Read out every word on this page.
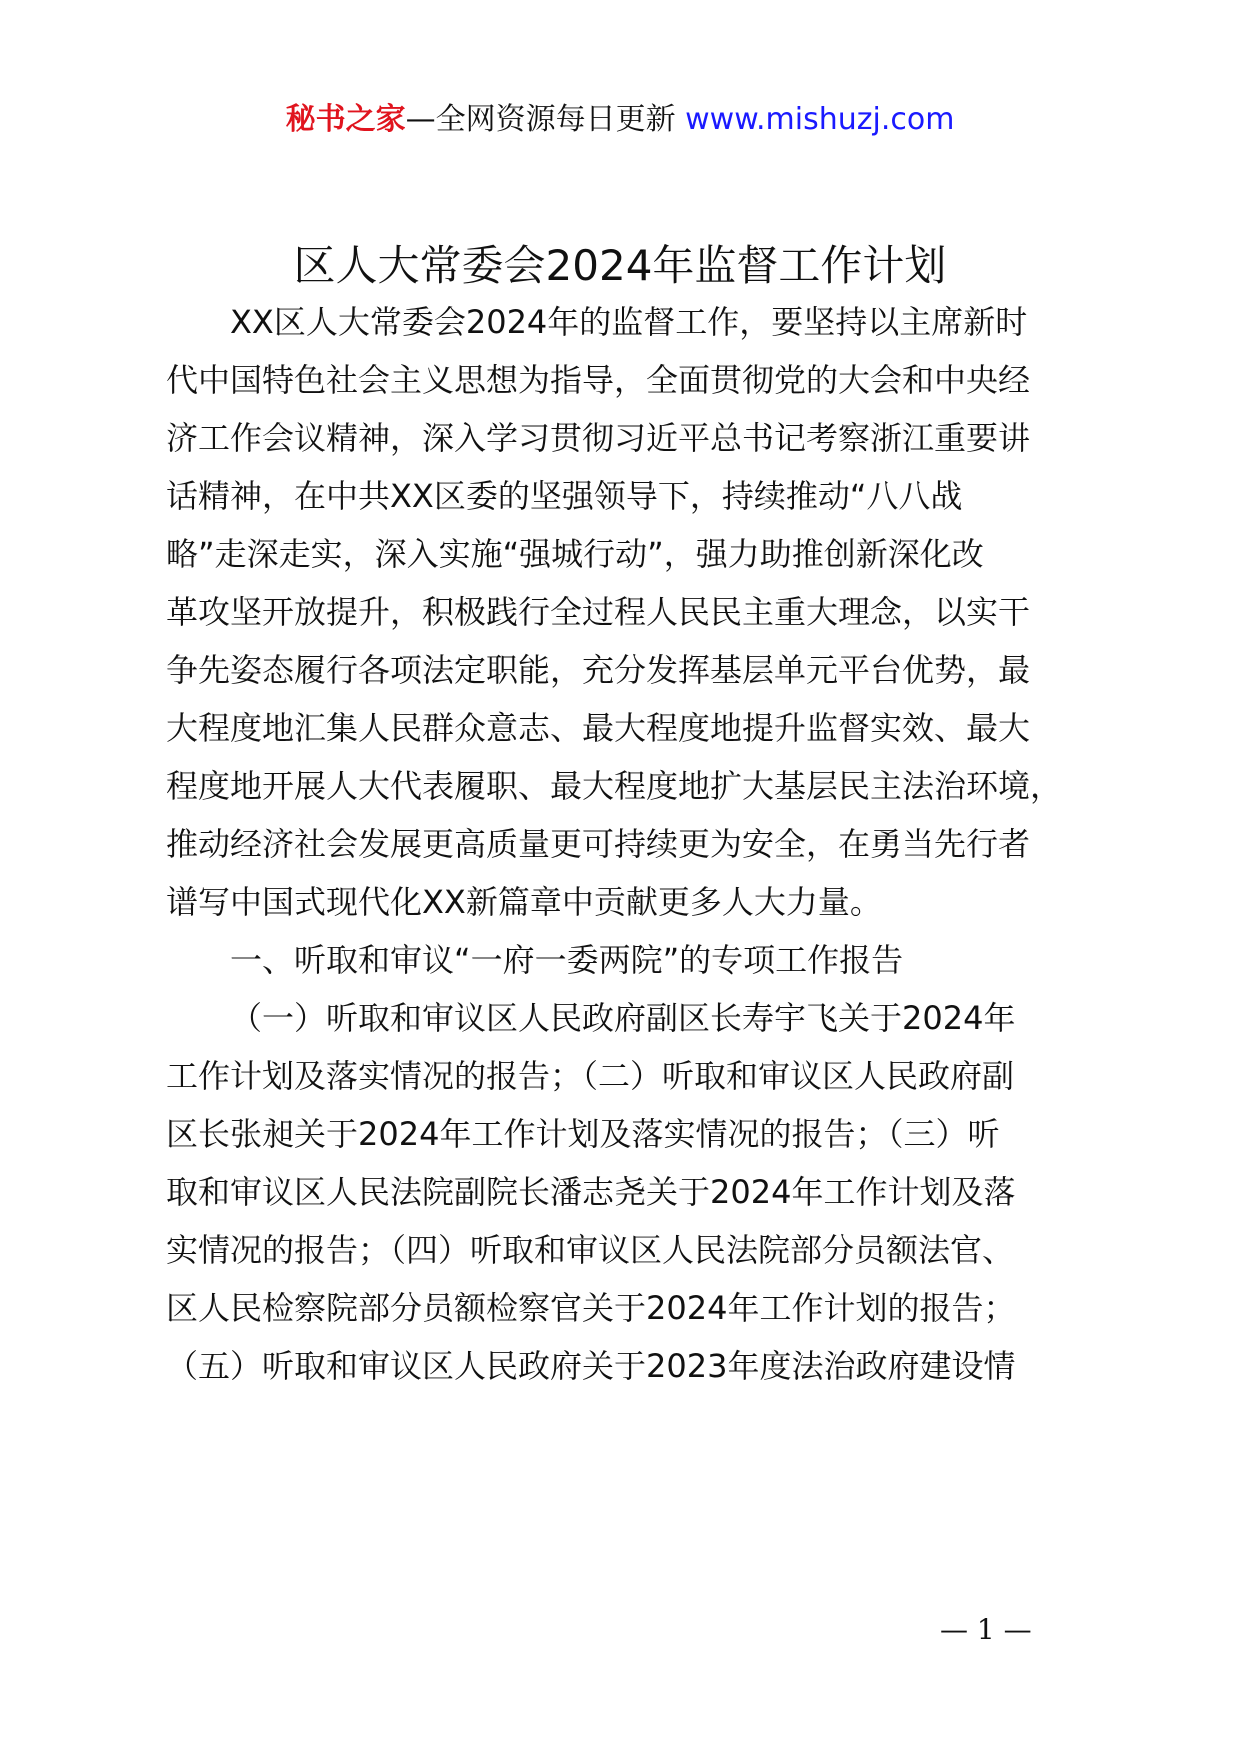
秘书之家—全网资源每日更新 www.mishuzj.com
区人大常委会2024年监督工作计划
XX区人大常委会2024年的监督工作，要坚持以主席新时
代中国特色社会主义思想为指导，全面贯彻党的大会和中央经
济工作会议精神，深入学习贯彻习近平总书记考察浙江重要讲
话精神，在中共XX区委的坚强领导下，持续推动“八八战
略”走深走实，深入实施“强城行动”，强力助推创新深化改
革攻坚开放提升，积极践行全过程人民民主重大理念，以实干
争先姿态履行各项法定职能，充分发挥基层单元平台优势，最
大程度地汇集人民群众意志、最大程度地提升监督实效、最大
程度地开展人大代表履职、最大程度地扩大基层民主法治环境，
推动经济社会发展更高质量更可持续更为安全，在勇当先行者
谱写中国式现代化XX新篇章中贡献更多人大力量。
一、听取和审议“一府一委两院”的专项工作报告
（一）听取和审议区人民政府副区长寿宇飞关于2024年
工作计划及落实情况的报告；（二）听取和审议区人民政府副
区长张昶关于2024年工作计划及落实情况的报告；（三）听
取和审议区人民法院副院长潘志尧关于2024年工作计划及落
实情况的报告；（四）听取和审议区人民法院部分员额法官、
区人民检察院部分员额检察官关于2024年工作计划的报告；
（五）听取和审议区人民政府关于2023年度法治政府建设情
— 1 —
